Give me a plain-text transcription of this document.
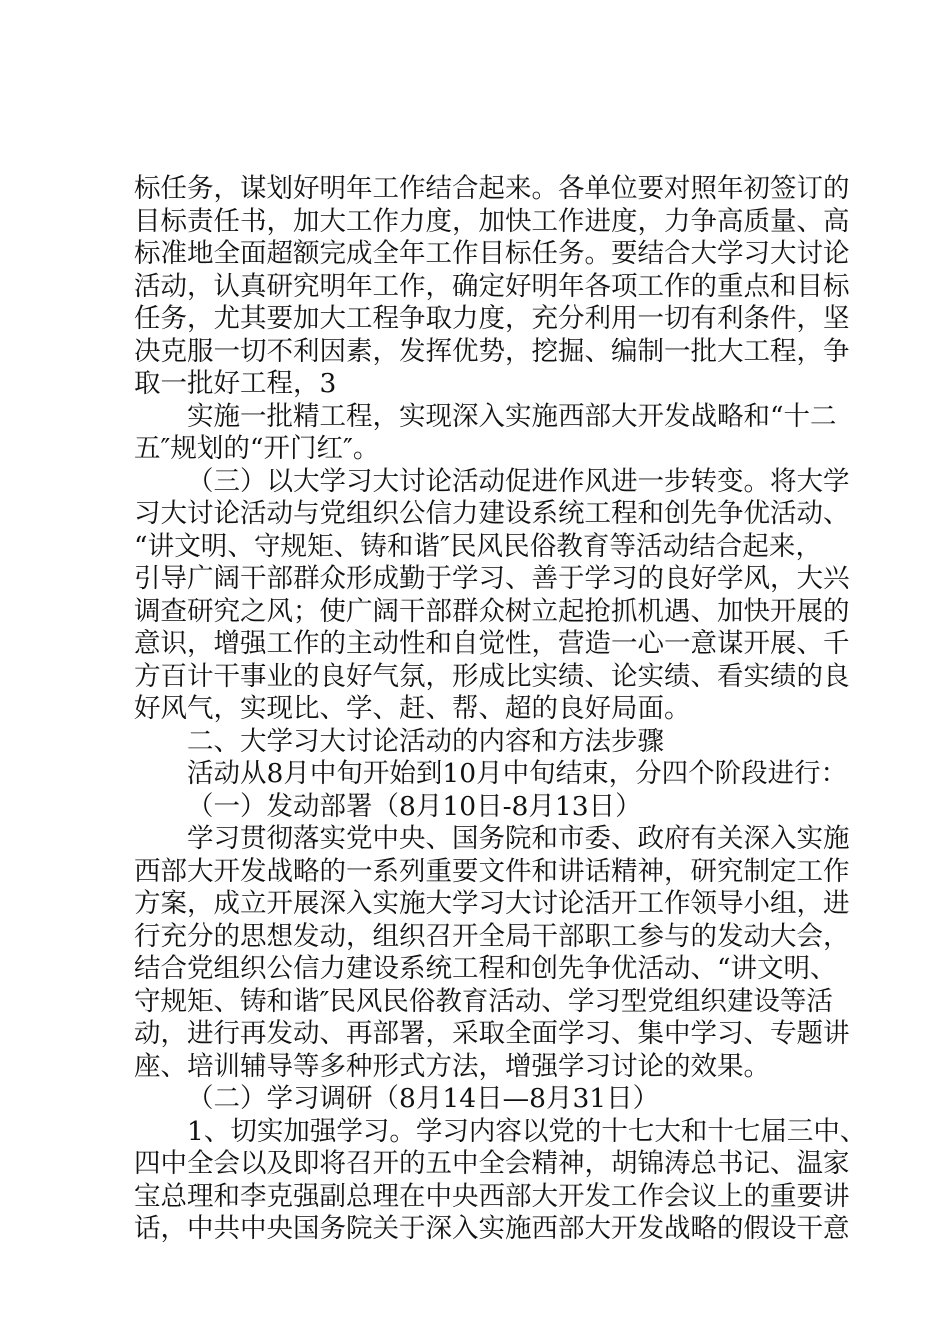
标任务，谋划好明年工作结合起来。各单位要对照年初签订的
目标责任书，加大工作力度，加快工作进度，力争高质量、高
标准地全面超额完成全年工作目标任务。要结合大学习大讨论
活动，认真研究明年工作，确定好明年各项工作的重点和目标
任务，尤其要加大工程争取力度，充分利用一切有利条件，坚
决克服一切不利因素，发挥优势，挖掘、编制一批大工程，争
取一批好工程，3
实施一批精工程，实现深入实施西部大开发战略和“十二
五″规划的“开门红″。
（三）以大学习大讨论活动促进作风进一步转变。将大学
习大讨论活动与党组织公信力建设系统工程和创先争优活动、
“讲文明、守规矩、铸和谐″民风民俗教育等活动结合起来，
引导广阔干部群众形成勤于学习、善于学习的良好学风，大兴
调查研究之风；使广阔干部群众树立起抢抓机遇、加快开展的
意识，增强工作的主动性和自觉性，营造一心一意谋开展、千
方百计干事业的良好气氛，形成比实绩、论实绩、看实绩的良
好风气，实现比、学、赶、帮、超的良好局面。
二、大学习大讨论活动的内容和方法步骤
活动从8月中旬开始到10月中旬结束，分四个阶段进行：
（一）发动部署（8月10日-8月13日）
学习贯彻落实党中央、国务院和市委、政府有关深入实施
西部大开发战略的一系列重要文件和讲话精神，研究制定工作
方案，成立开展深入实施大学习大讨论活开工作领导小组，进
行充分的思想发动，组织召开全局干部职工参与的发动大会，
结合党组织公信力建设系统工程和创先争优活动、“讲文明、
守规矩、铸和谐″民风民俗教育活动、学习型党组织建设等活
动，进行再发动、再部署，采取全面学习、集中学习、专题讲
座、培训辅导等多种形式方法，增强学习讨论的效果。
（二）学习调研（8月14日—8月31日）
1、切实加强学习。学习内容以党的十七大和十七届三中、
四中全会以及即将召开的五中全会精神，胡锦涛总书记、温家
宝总理和李克强副总理在中央西部大开发工作会议上的重要讲
话，中共中央国务院关于深入实施西部大开发战略的假设干意
